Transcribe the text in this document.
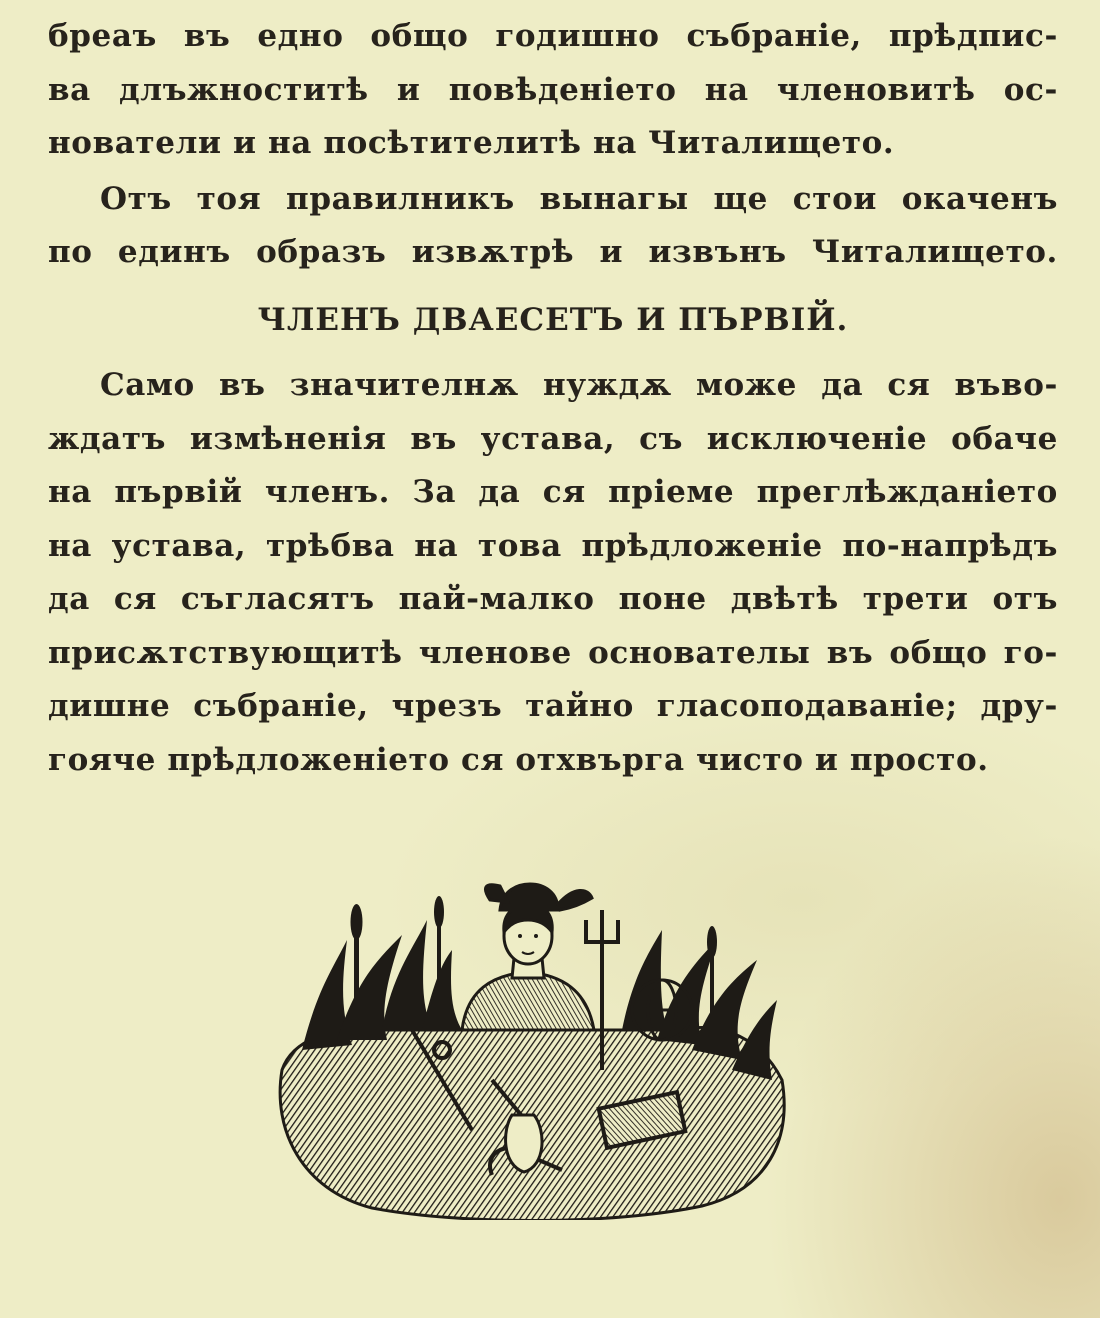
бреаъ въ едно общо годишно събраніе, прѣдпис-
ва длъжноститѣ и повѣденіето на членовитѣ ос-
нователи и на посѣтителитѣ на Читалището.
Отъ тоя правилникъ вынагы ще стои окаченъ
по единъ образъ извѫтрѣ и извънъ Читалището.
ЧЛЕНЪ ДВАЕСЕТЪ И ПЪРВІЙ.
Само въ значителнѫ нуждѫ може да ся въво-
ждатъ измѣненія въ устава, съ исключеніе обаче
на първій членъ. За да ся пріеме преглѣжданіето
на устава, трѣбва на това прѣдложеніе по-напрѣдъ
да ся съгласятъ пай-малко поне двѣтѣ трети отъ
присѫтствующитѣ членове основателы въ общо го-
дишне събраніе, чрезъ тайно гласоподаваніе; дру-
гояче прѣдложеніето ся отхвърга чисто и просто.
